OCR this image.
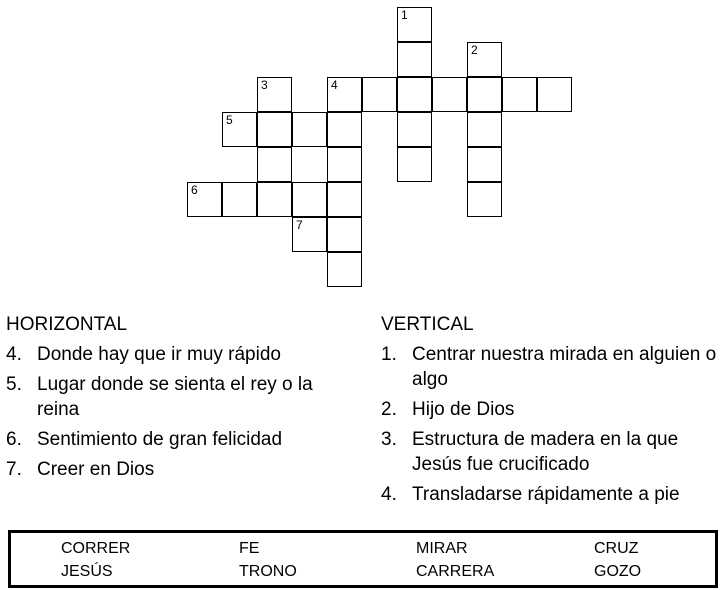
1
2
3	4
5
6
7
HORIZONTAL
4. Donde hay que ir muy rápido
5. Lugar donde se sienta el rey o la reina
6. Sentimiento de gran felicidad
7. Creer en Dios
VERTICAL
1. Centrar nuestra mirada en alguien o algo
2. Hijo de Dios
3. Estructura de madera en la que Jesús fue crucificado
4. Transladarse rápidamente a pie
CORRER	FE	MIRAR	CRUZ
JESÚS	TRONO	CARRERA	GOZO
